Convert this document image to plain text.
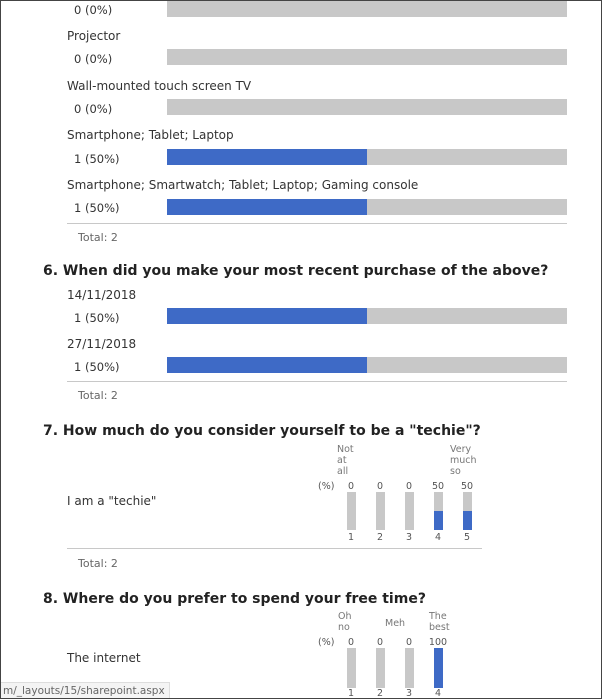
0 (0%)
Projector
0 (0%)
Wall-mounted touch screen TV
0 (0%)
Smartphone; Tablet; Laptop
1 (50%)
Smartphone; Smartwatch; Tablet; Laptop; Gaming console
1 (50%)
Total: 2
6. When did you make your most recent purchase of the above?
14/11/2018
1 (50%)
27/11/2018
1 (50%)
Total: 2
7. How much do you consider yourself to be a "techie"?
Not at all
Very much so
I am a "techie"
(%)	0	0	0	50 50
1	2	3	4	5
Total: 2
8. Where do you prefer to spend your free time?
Oh no	Meh
The best
The internet
(%)	0	0	0	100
1	2	3	4
m/_layouts/15/sharepoint.aspx
